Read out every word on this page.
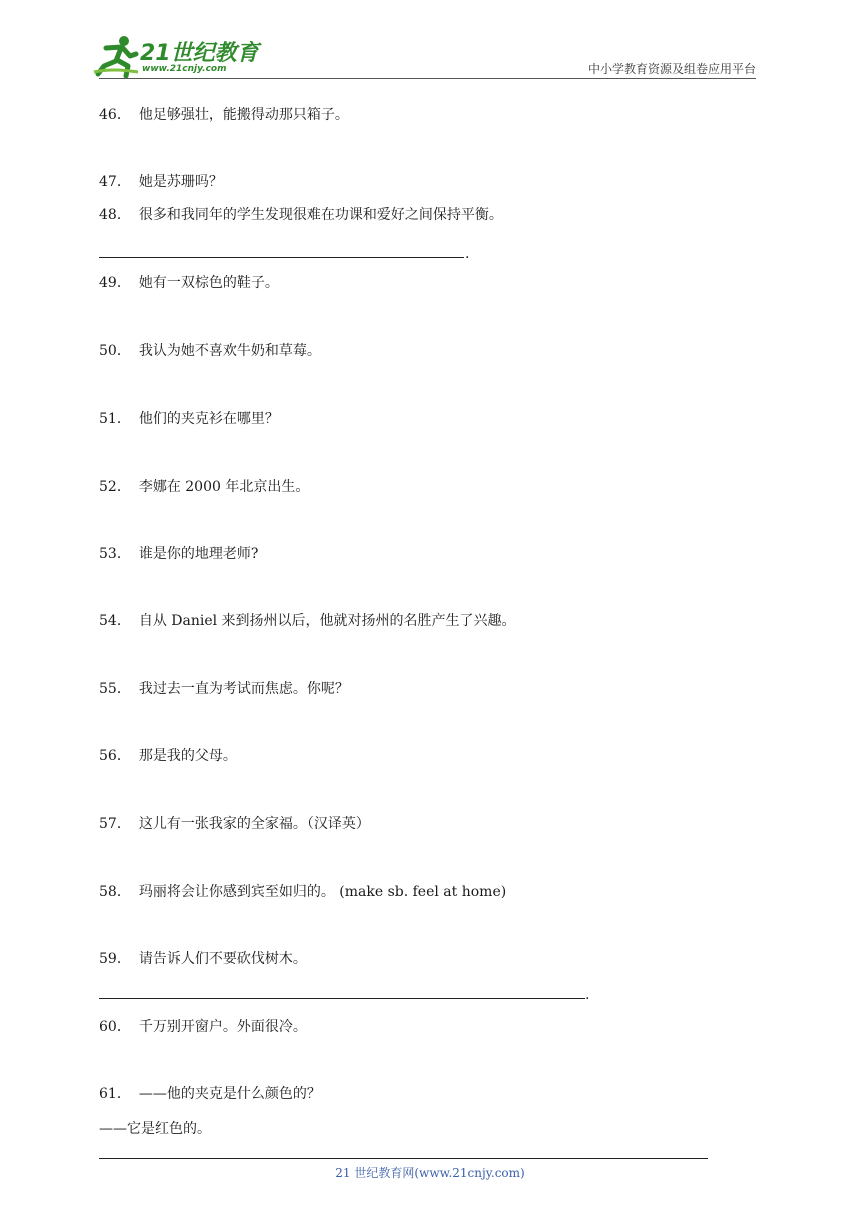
21世纪教育
www.21cnjy.com	中小学教育资源及组卷应用平台
46． 他足够强壮，能搬得动那只箱子。
47． 她是苏珊吗？
48． 很多和我同年的学生发现很难在功课和爱好之间保持平衡。
.
49． 她有一双棕色的鞋子。
50． 我认为她不喜欢牛奶和草莓。
51． 他们的夹克衫在哪里？
52． 李娜在 2000 年北京出生。
53． 谁是你的地理老师?
54． 自从 Daniel 来到扬州以后，他就对扬州的名胜产生了兴趣。
55． 我过去一直为考试而焦虑。你呢？
56． 那是我的父母。
57． 这儿有一张我家的全家福。（汉译英）
58． 玛丽将会让你感到宾至如归的。 (make sb. feel at home)
59． 请告诉人们不要砍伐树木。
.
60． 千万别开窗户。外面很冷。
61． ——他的夹克是什么颜色的？
——它是红色的。
21 世纪教育网(www.21cnjy.com)
